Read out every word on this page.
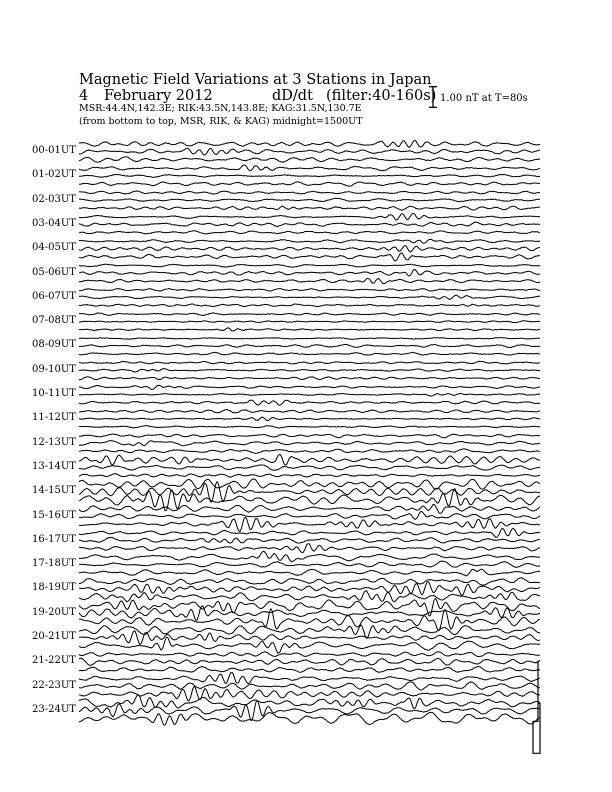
Magnetic Field Variations at 3 Stations in Japan
4 February 2012	dD/dt (filter:40-160s)
MSR:44.4N,142.3E; RIK:43.5N,143.8E; KAG:31.5N,130.7E
(from bottom to top, MSR, RIK, & KAG) midnight=1500UT
1.00 nT at T=80s
00-01UT
01-02UT
02-03UT
03-04UT
04-05UT
05-06UT
06-07UT
07-08UT
08-09UT
09-10UT
10-11UT
11-12UT
12-13UT
13-14UT
14-15UT
15-16UT
16-17UT
17-18UT
18-19UT
19-20UT
20-21UT
21-22UT
22-23UT
23-24UT
